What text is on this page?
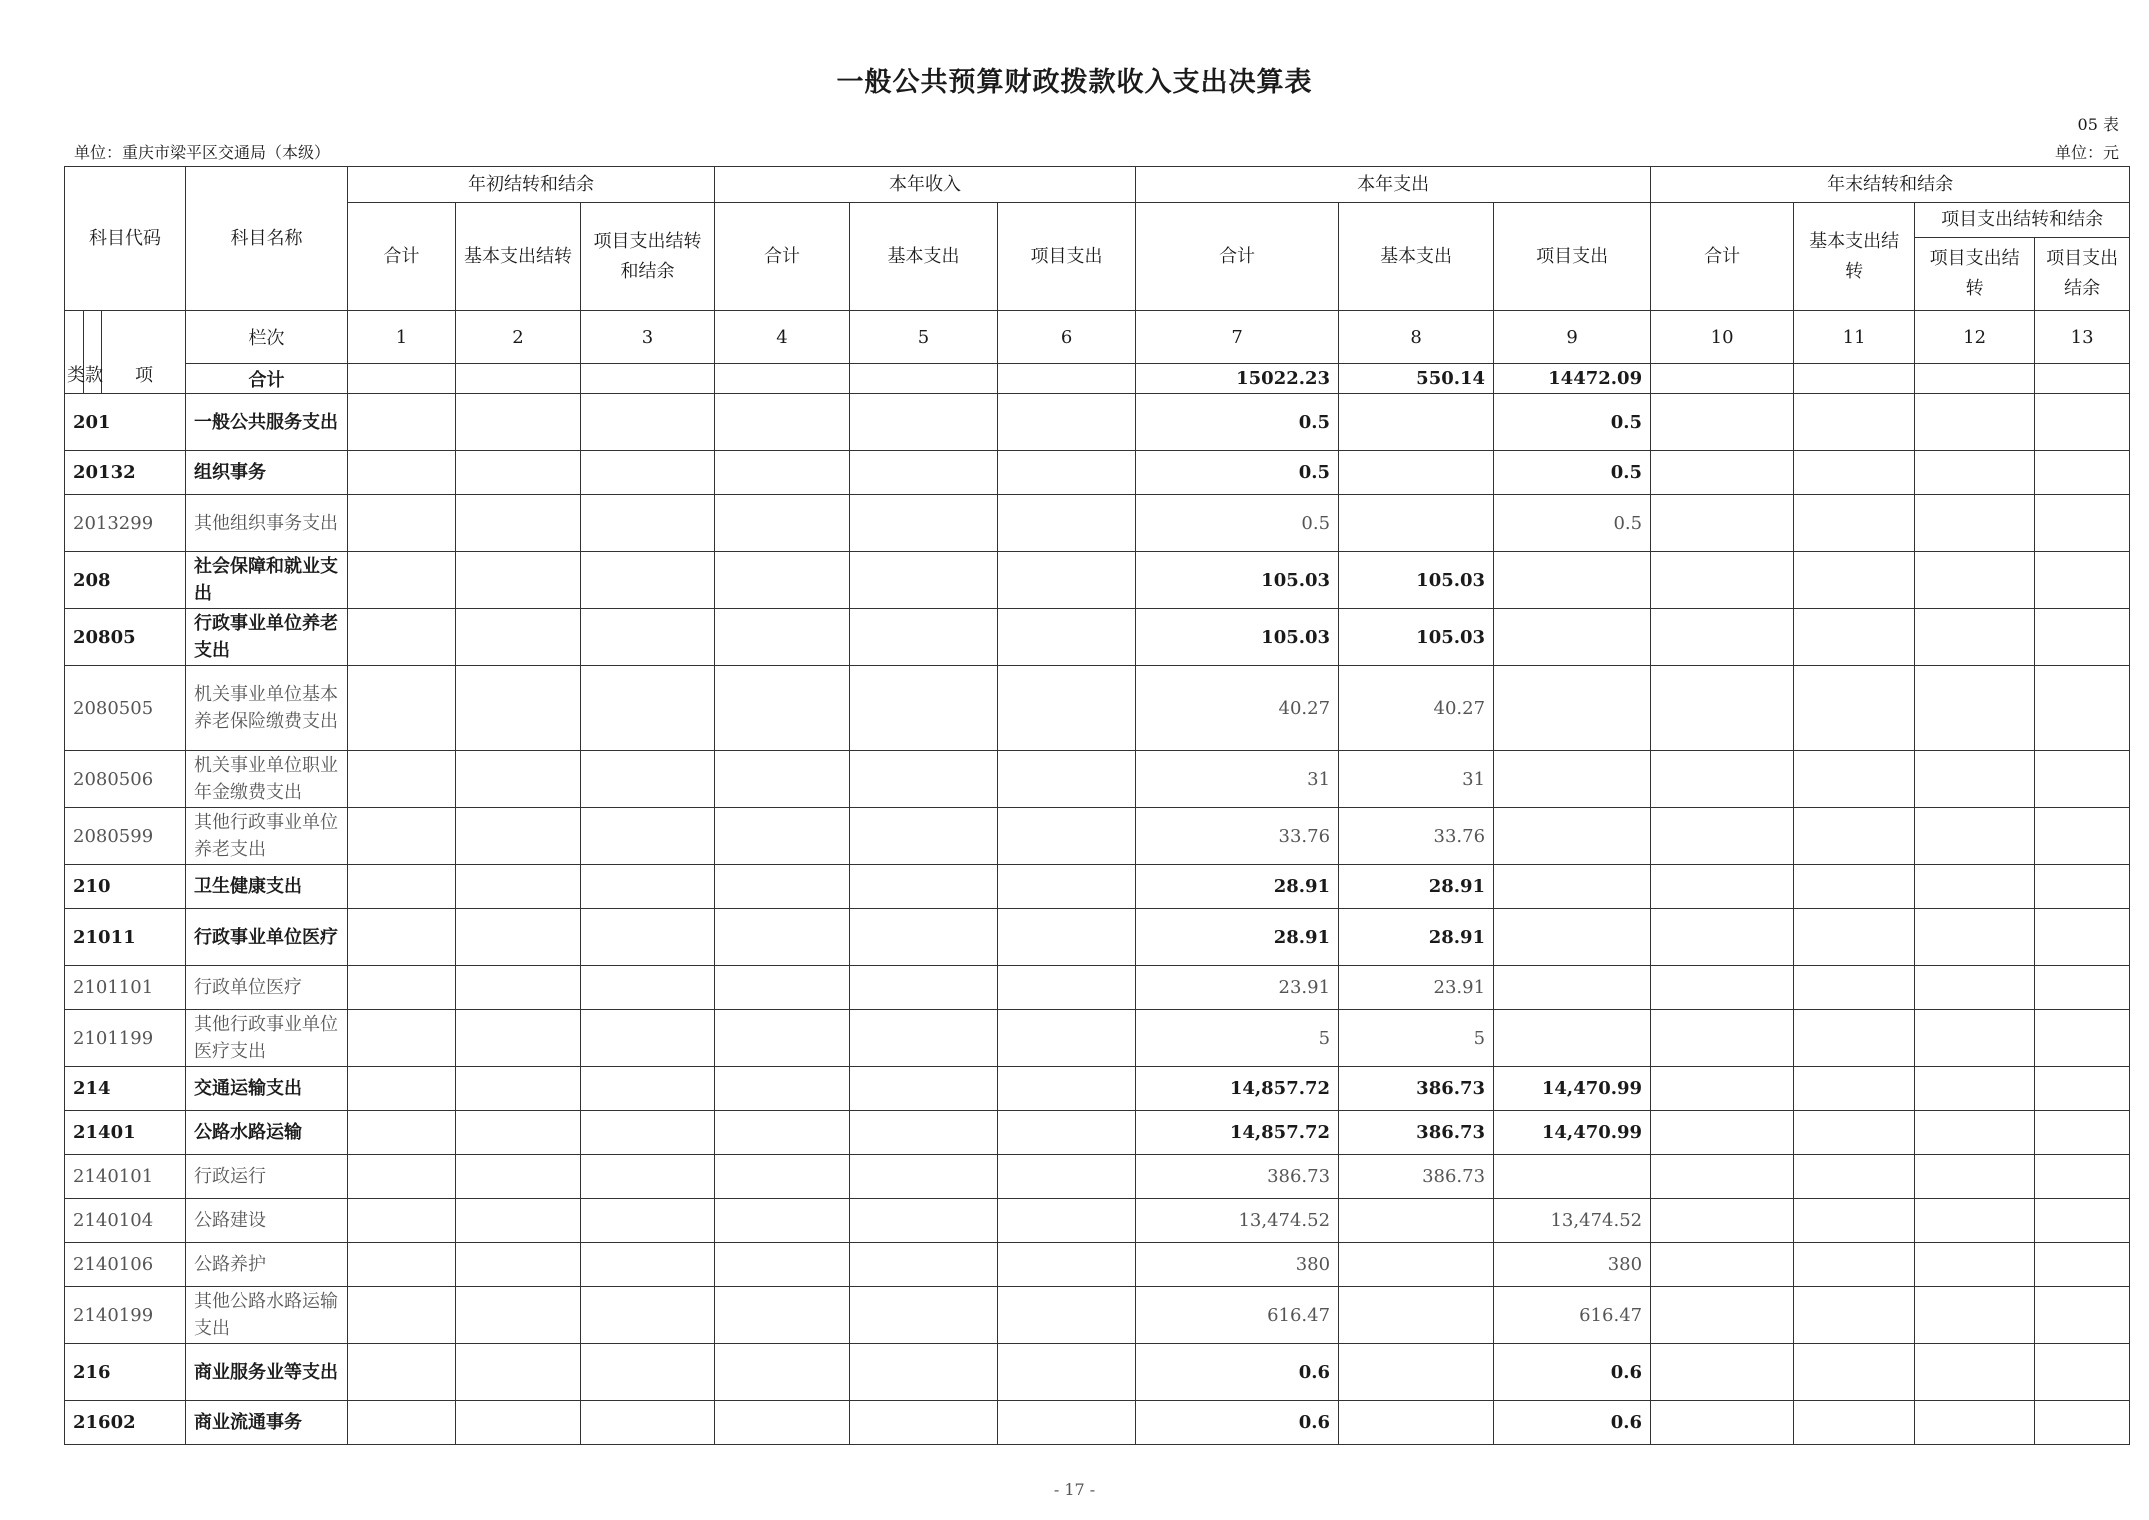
一般公共预算财政拨款收入支出决算表
05 表
单位：重庆市梁平区交通局（本级）	单位：元
科目代码	科目名称	年初结转和结余			本年收入			本年支出			年末结转和结余			
		合计	基本支出结转	项目支出结转和结余	合计	基本支出	项目支出	合计	基本支出	项目支出	合计	基本支出结转	项目支出结转和结余	
													项目支出结转	项目支出结余

类 款 项	栏次	1	2	3	4	5	6	7	8	9	10	11	12	13
	合计							15022.23	550.14	14472.09				
201	一般公共服务支出							0.5		0.5				
20132	组织事务							0.5		0.5				
2013299	其他组织事务支出							0.5		0.5				
208	社会保障和就业支出							105.03	105.03					
20805	行政事业单位养老支出							105.03	105.03					
2080505	机关事业单位基本养老保险缴费支出							40.27	40.27					
2080506	机关事业单位职业年金缴费支出							31	31					
2080599	其他行政事业单位养老支出							33.76	33.76					
210	卫生健康支出							28.91	28.91					
21011	行政事业单位医疗							28.91	28.91					
2101101	行政单位医疗							23.91	23.91					
2101199	其他行政事业单位医疗支出							5	5					
214	交通运输支出							14,857.72	386.73	14,470.99				
21401	公路水路运输							14,857.72	386.73	14,470.99				
2140101	行政运行							386.73	386.73					
2140104	公路建设							13,474.52		13,474.52				
2140106	公路养护							380		380				
2140199	其他公路水路运输支出							616.47		616.47				
216	商业服务业等支出							0.6		0.6				
21602	商业流通事务							0.6		0.6				
- 17 -
